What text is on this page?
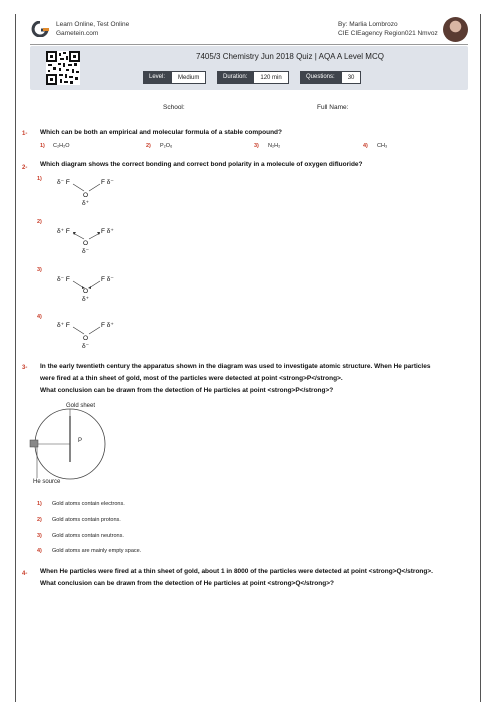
Learn Online, Test Online
Gametein.com
By: Marlia Lombrozo
CIE CIEagency Region021 Nmvoz
7405/3 Chemistry Jun 2018 Quiz | AQA A Level MCQ
Level:	Medium	Duration:	120 min	Questions:	30
School:	Full Name:
1- Which can be both an empirical and molecular formula of a stable compound?
1) C₂H₂O	2) P₂O₆	3) N₂H₂	4) CH₃
2- Which diagram shows the correct bonding and correct bond polarity in a molecule of oxygen difluoride?
1) δ⁻ F	F δ⁻
O
δ⁺
2)
δ⁺ F	F δ⁺
O
δ⁻
3)
δ⁻ F	F δ⁻
O
δ⁺
4)
δ⁺ F	F δ⁺
O
δ⁻
3- In the early twentieth century the apparatus shown in the diagram was used to investigate atomic structure. When He particles
were fired at a thin sheet of gold, most of the particles were detected at point <strong>P</strong>.
What conclusion can be drawn from the detection of He particles at point <strong>P</strong>?
Gold sheet
P
He source
1) Gold atoms contain electrons.
2) Gold atoms contain protons.
3) Gold atoms contain neutrons.
4) Gold atoms are mainly empty space.
4- When He particles were fired at a thin sheet of gold, about 1 in 8000 of the particles were detected at point <strong>Q</strong>.
What conclusion can be drawn from the detection of He particles at point <strong>Q</strong>?
